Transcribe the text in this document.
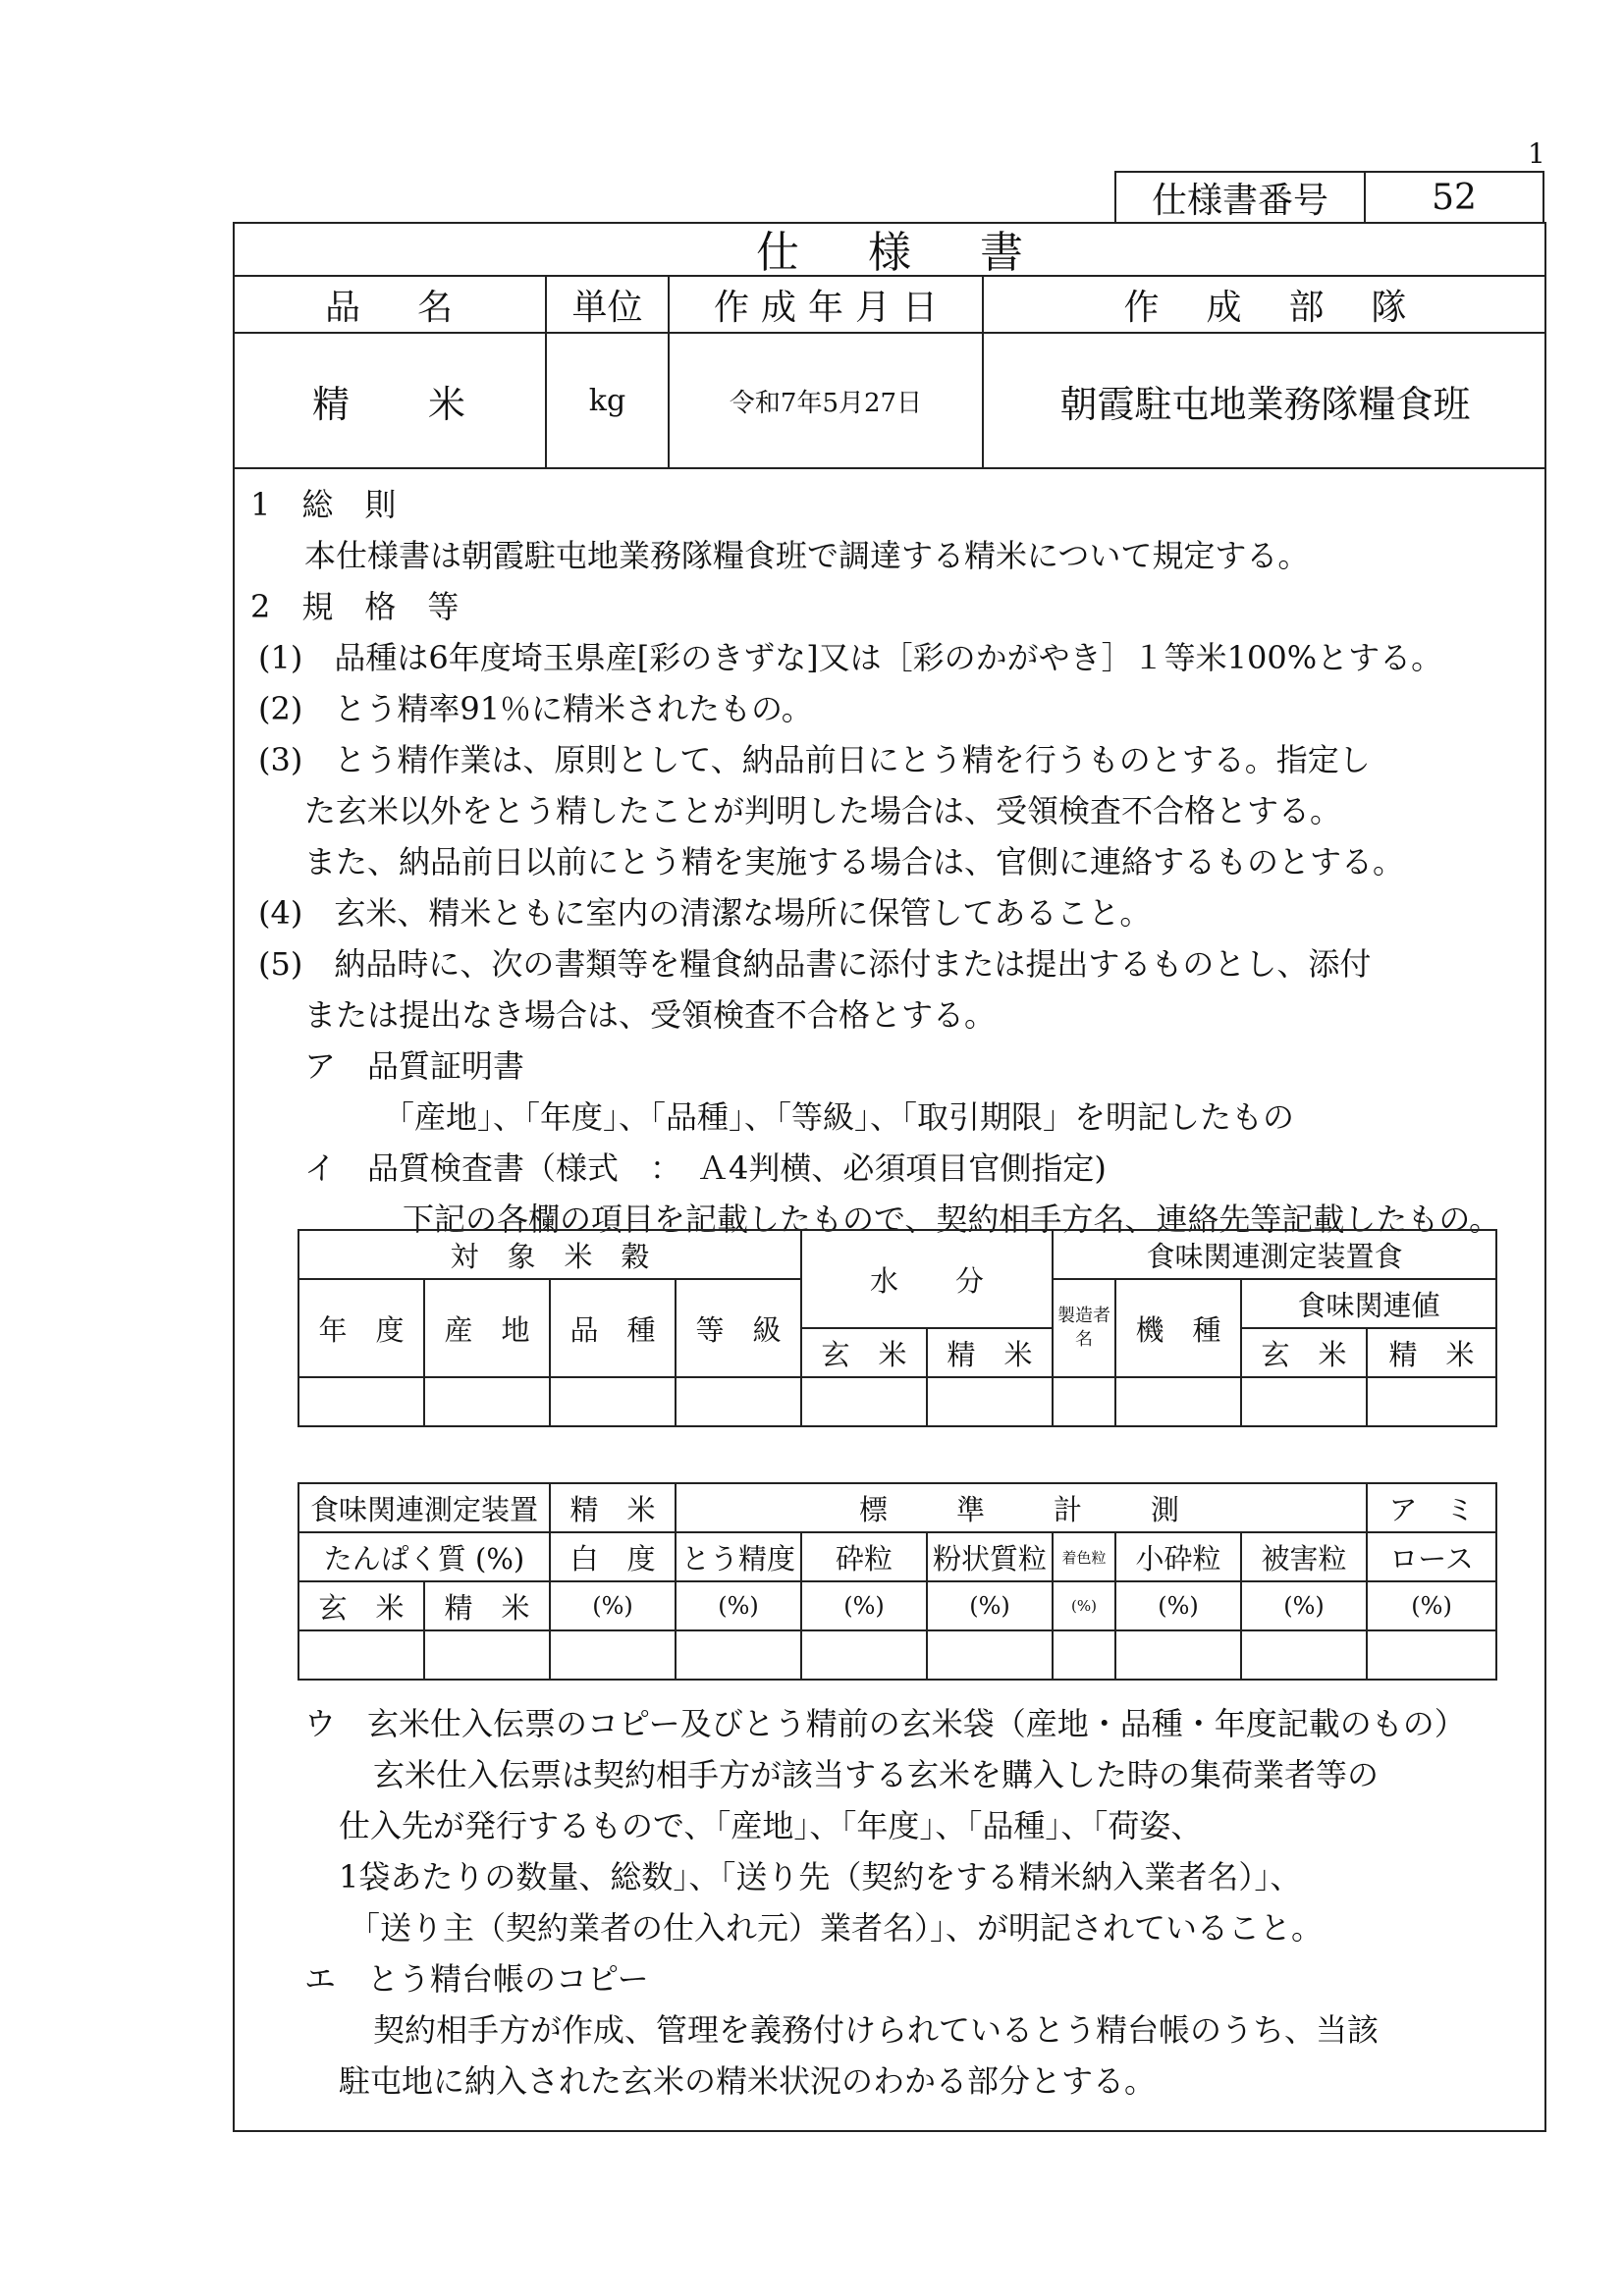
1
仕様書番号	52
仕様書
品名	単位	作成年月日	作成部隊
精米	kg	令和7年5月27日	朝霞駐屯地業務隊糧食班
1　総　則
本仕様書は朝霞駐屯地業務隊糧食班で調達する精米について規定する。
2　規　格　等
(1)　品種は6年度埼玉県産[彩のきずな]又は［彩のかがやき］１等米100%とする。
(2)　とう精率91％に精米されたもの。
(3)　とう精作業は、原則として、納品前日にとう精を行うものとする。指定し
た玄米以外をとう精したことが判明した場合は、受領検査不合格とする。
また、納品前日以前にとう精を実施する場合は、官側に連絡するものとする。
(4)　玄米、精米ともに室内の清潔な場所に保管してあること。
(5)　納品時に、次の書類等を糧食納品書に添付または提出するものとし、添付
または提出なき場合は、受領検査不合格とする。
ア　品質証明書
「産地」、「年度」、「品種」、「等級」、「取引期限」を明記したもの
イ　品質検査書（様式　：　Ａ4判横、必須項目官側指定)
下記の各欄の項目を記載したもので、契約相手方名、連絡先等記載したもの。
対　象　米　穀				水　　分		食味関連測定装置食			
年　度	産　地	品　種	等　級			製造者名	機　種	食味関連値	
				玄　米	精　米			玄　米	精　米

食味関連測定装置		精　米	標　　準　　計　　測						ア　ミ
たんぱく質 (%)		白　度	とう精度	砕粒	粉状質粒	着色粒	小砕粒	被害粒	ロース
玄　米	精　米	(%)	(%)	(%)	(%)	(%)	(%)	(%)	(%)

ウ　玄米仕入伝票のコピー及びとう精前の玄米袋（産地・品種・年度記載のもの）
玄米仕入伝票は契約相手方が該当する玄米を購入した時の集荷業者等の
仕入先が発行するもので、「産地」、「年度」、「品種」、「荷姿、
1袋あたりの数量、総数」、「送り先（契約をする精米納入業者名）」、
「送り主（契約業者の仕入れ元）業者名）」、が明記されていること。
エ　とう精台帳のコピー
契約相手方が作成、管理を義務付けられているとう精台帳のうち、当該
駐屯地に納入された玄米の精米状況のわかる部分とする。
